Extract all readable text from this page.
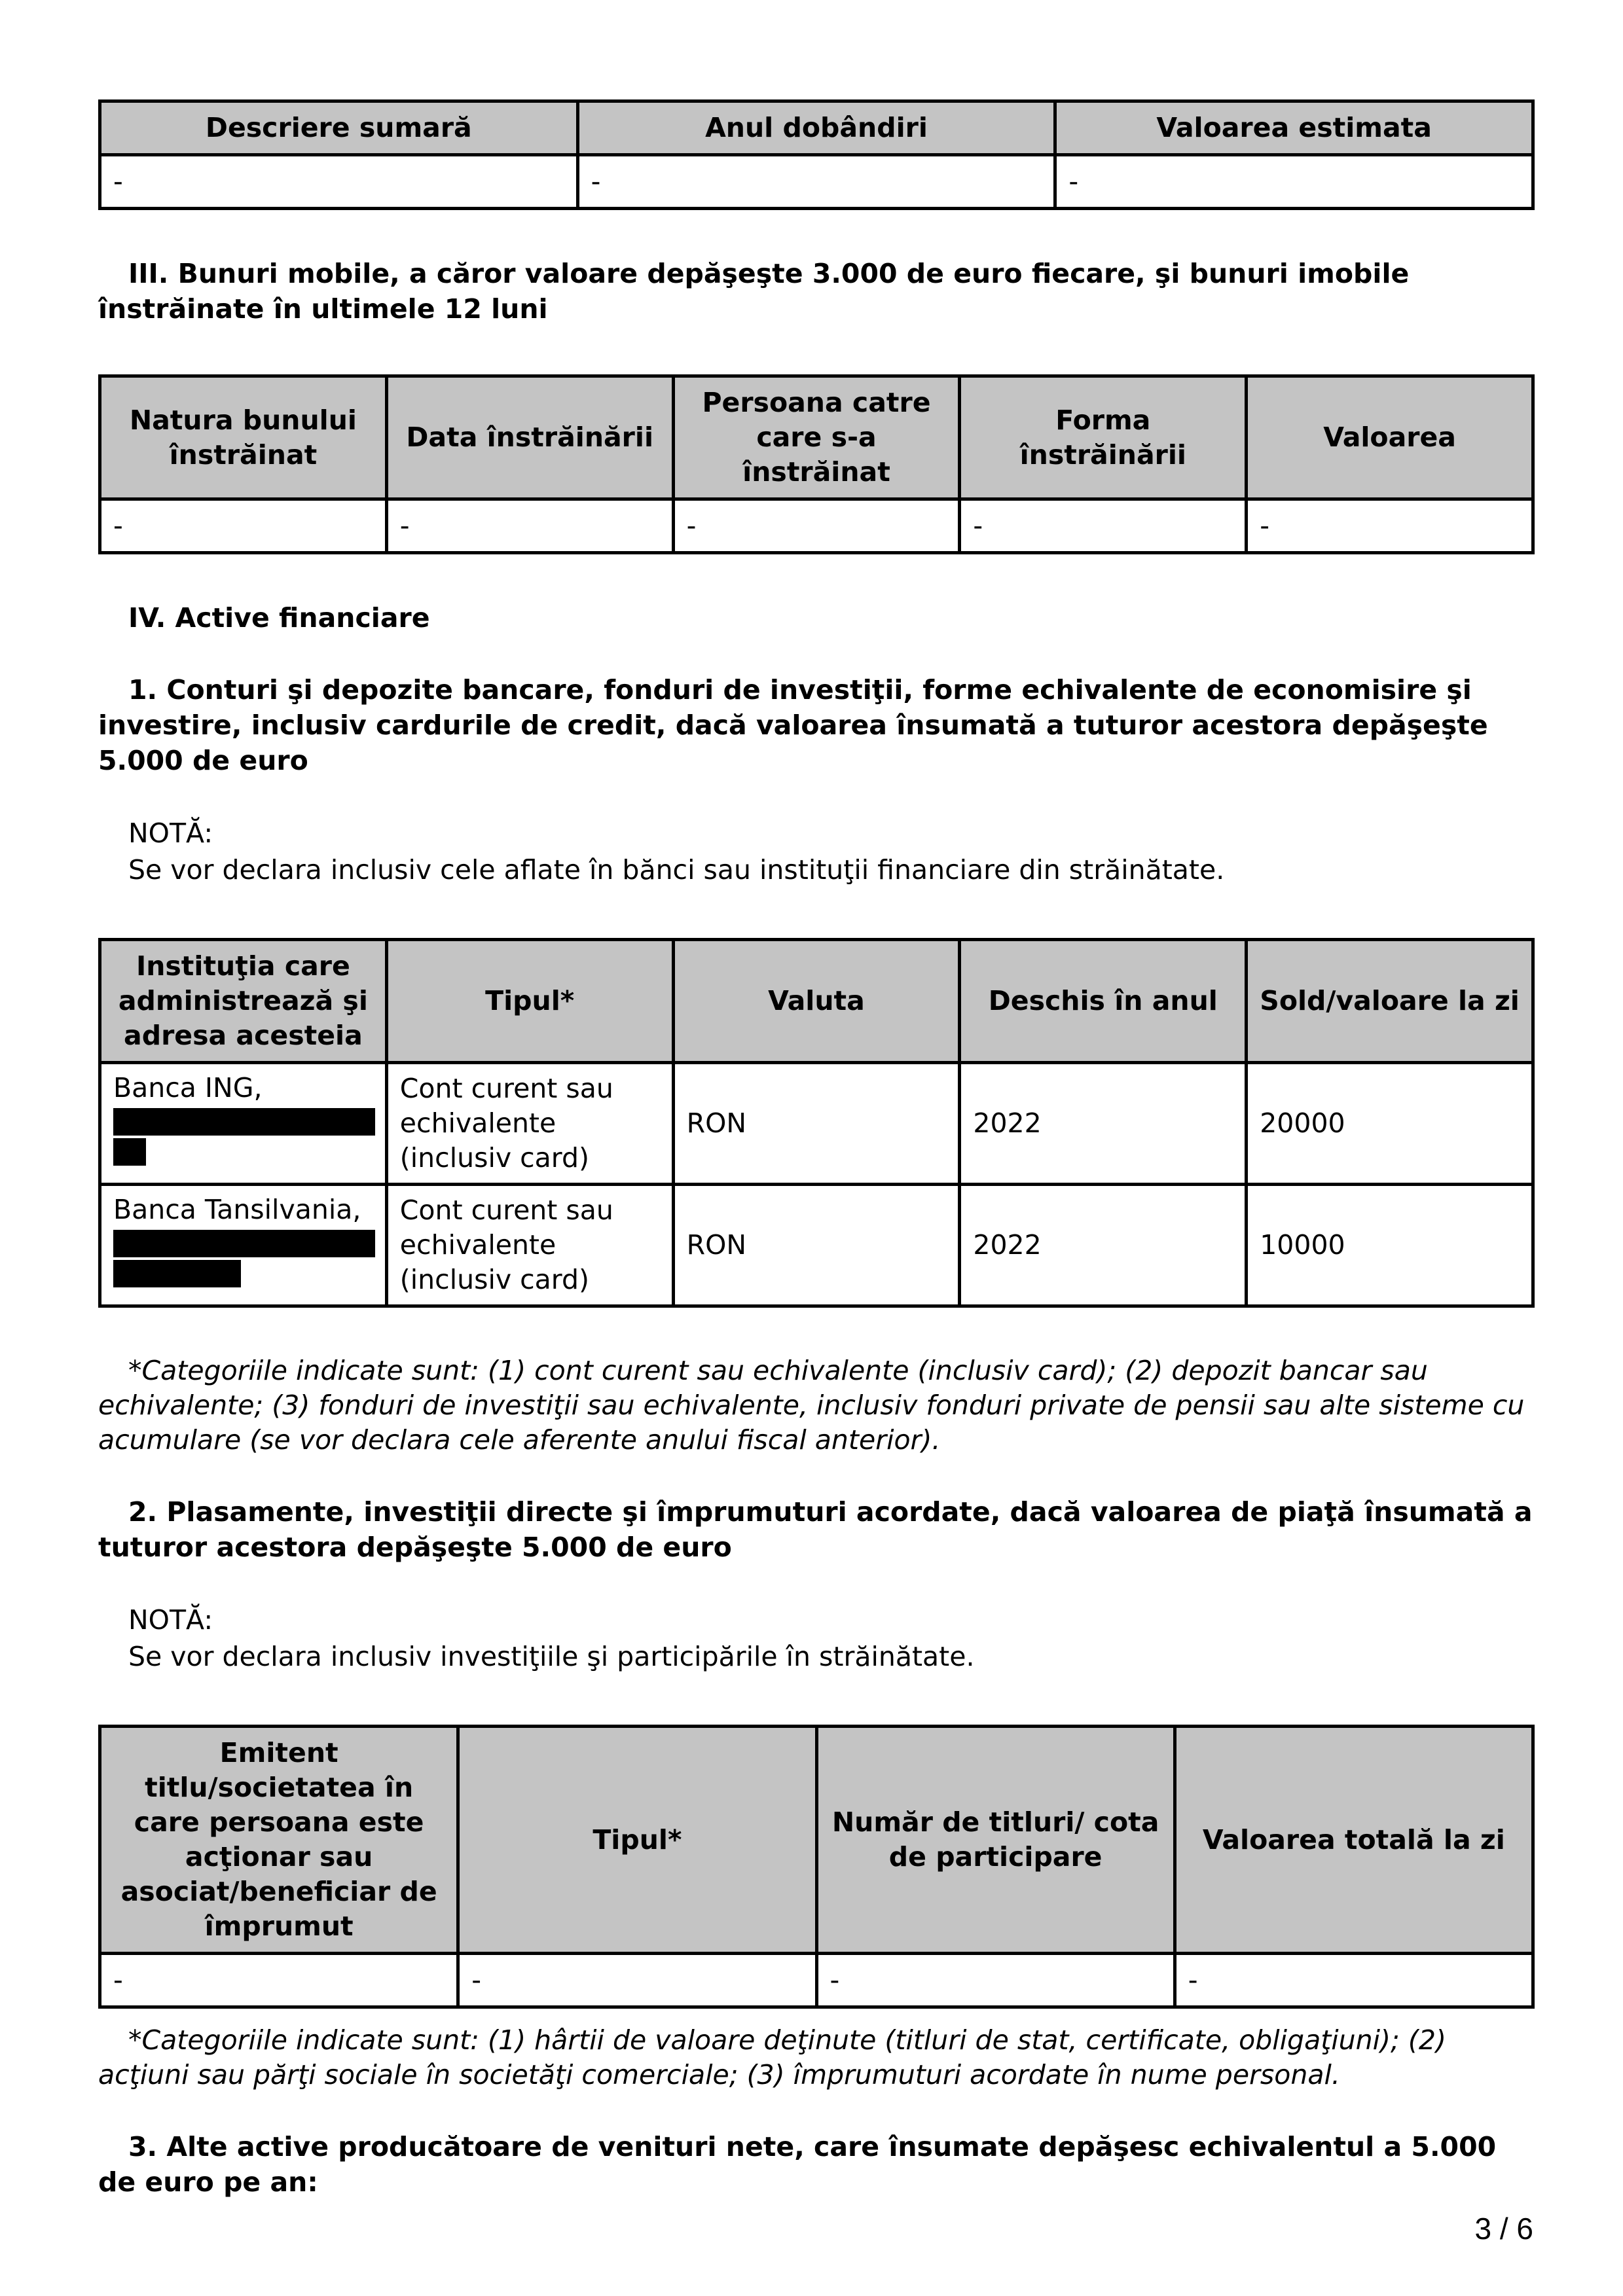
Descriere sumară	Anul dobândiri	Valoarea estimata
-	-	-

III. Bunuri mobile, a căror valoare depăşeşte 3.000 de euro fiecare, şi bunuri imobile înstrăinate în ultimele 12 luni

Natura bunului înstrăinat	Data înstrăinării	Persoana catre care s-a înstrăinat	Forma înstrăinării	Valoarea
-	-	-	-	-

IV. Active financiare

1. Conturi şi depozite bancare, fonduri de investiţii, forme echivalente de economisire şi investire, inclusiv cardurile de credit, dacă valoarea însumată a tuturor acestora depăşeşte 5.000 de euro

NOTĂ:

Se vor declara inclusiv cele aflate în bănci sau instituţii financiare din străinătate.

Instituţia care administrează şi adresa acesteia	Tipul*	Valuta	Deschis în anul	Sold/valoare la zi
Banca ING,	Cont curent sau echivalente (inclusiv card)	RON	2022	20000
Banca Tansilvania,	Cont curent sau echivalente (inclusiv card)	RON	2022	10000

*Categoriile indicate sunt: (1) cont curent sau echivalente (inclusiv card); (2) depozit bancar sau echivalente; (3) fonduri de investiţii sau echivalente, inclusiv fonduri private de pensii sau alte sisteme cu acumulare (se vor declara cele aferente anului fiscal anterior).

2. Plasamente, investiţii directe şi împrumuturi acordate, dacă valoarea de piaţă însumată a tuturor acestora depăşeşte 5.000 de euro

NOTĂ:

Se vor declara inclusiv investiţiile şi participările în străinătate.

Emitent titlu/societatea în care persoana este acţionar sau asociat/beneficiar de împrumut	Tipul*	Număr de titluri/ cota de participare	Valoarea totală la zi
-	-	-	-

*Categoriile indicate sunt: (1) hârtii de valoare deţinute (titluri de stat, certificate, obligaţiuni); (2) acţiuni sau părţi sociale în societăţi comerciale; (3) împrumuturi acordate în nume personal.

3. Alte active producătoare de venituri nete, care însumate depăşesc echivalentul a 5.000 de euro pe an:

3 / 6
